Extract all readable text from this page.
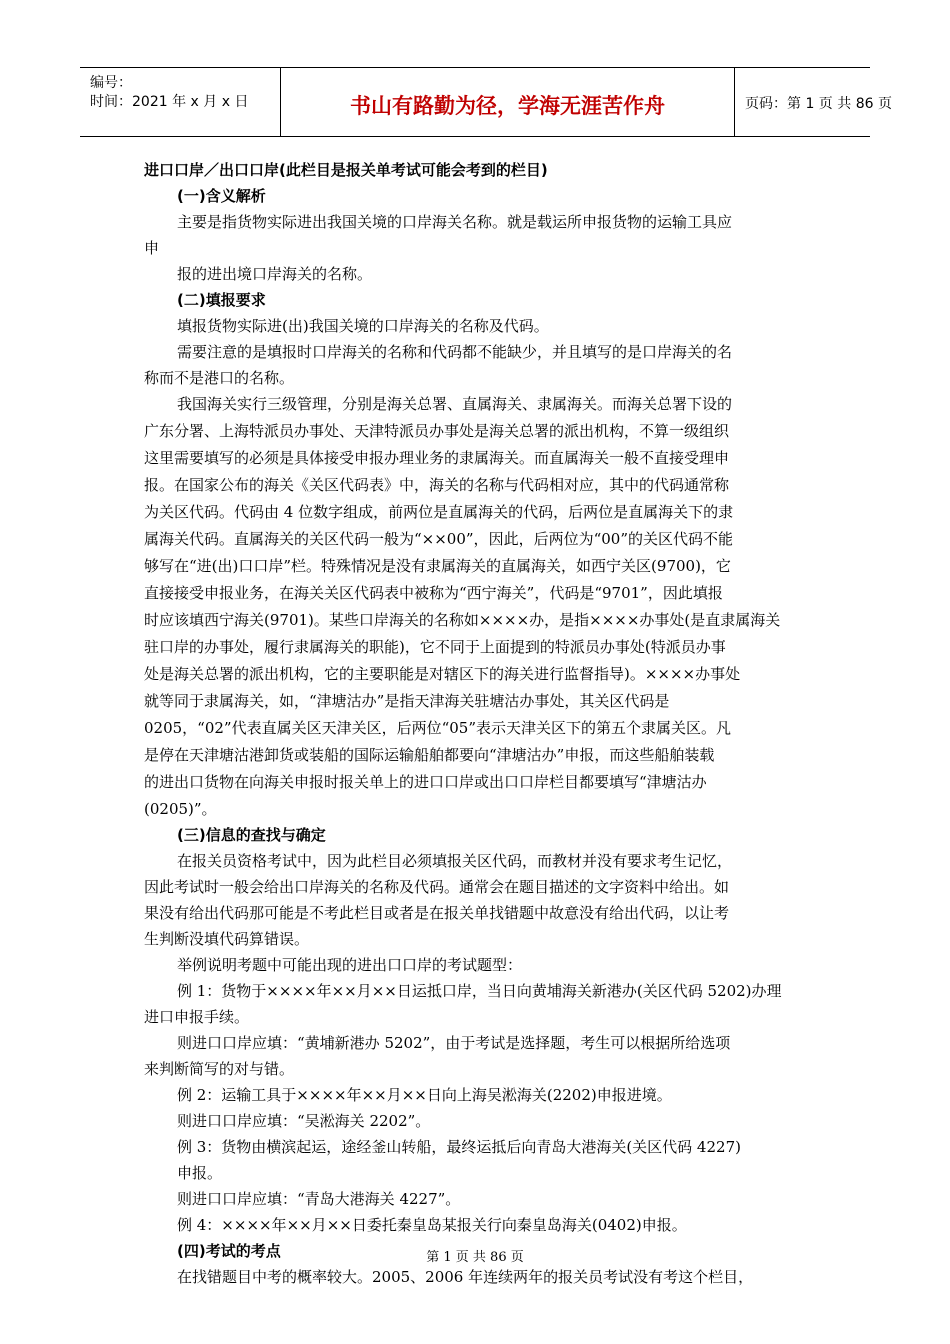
编号：
时间：2021 年 x 月 x 日	书山有路勤为径，学海无涯苦作舟	页码：第 1 页 共 86 页
进口口岸／出口口岸(此栏目是报关单考试可能会考到的栏目)
(一)含义解析
主要是指货物实际进出我国关境的口岸海关名称。就是载运所申报货物的运输工具应
申
报的进出境口岸海关的名称。
(二)填报要求
填报货物实际进(出)我国关境的口岸海关的名称及代码。
需要注意的是填报时口岸海关的名称和代码都不能缺少，并且填写的是口岸海关的名
称而不是港口的名称。
我国海关实行三级管理，分别是海关总署、直属海关、隶属海关。而海关总署下设的
广东分署、上海特派员办事处、天津特派员办事处是海关总署的派出机构，不算一级组织
这里需要填写的必须是具体接受申报办理业务的隶属海关。而直属海关一般不直接受理申
报。在国家公布的海关《关区代码表》中，海关的名称与代码相对应，其中的代码通常称
为关区代码。代码由 4 位数字组成，前两位是直属海关的代码，后两位是直属海关下的隶
属海关代码。直属海关的关区代码一般为“××00”，因此，后两位为“00”的关区代码不能
够写在“进(出)口口岸”栏。特殊情况是没有隶属海关的直属海关，如西宁关区(9700)，它
直接接受申报业务，在海关关区代码表中被称为“西宁海关”，代码是“9701”，因此填报
时应该填西宁海关(9701)。某些口岸海关的名称如××××办，是指××××办事处(是直隶属海关
驻口岸的办事处，履行隶属海关的职能)，它不同于上面提到的特派员办事处(特派员办事
处是海关总署的派出机构，它的主要职能是对辖区下的海关进行监督指导)。××××办事处
就等同于隶属海关，如，“津塘沽办”是指天津海关驻塘沽办事处，其关区代码是
0205，“02”代表直属关区天津关区，后两位“05”表示天津关区下的第五个隶属关区。凡
是停在天津塘沽港卸货或装船的国际运输船舶都要向“津塘沽办”申报，而这些船舶装载
的进出口货物在向海关申报时报关单上的进口口岸或出口口岸栏目都要填写“津塘沽办
(0205)”。
(三)信息的查找与确定
在报关员资格考试中，因为此栏目必须填报关区代码，而教材并没有要求考生记忆，
因此考试时一般会给出口岸海关的名称及代码。通常会在题目描述的文字资料中给出。如
果没有给出代码那可能是不考此栏目或者是在报关单找错题中故意没有给出代码，以让考
生判断没填代码算错误。
举例说明考题中可能出现的进出口口岸的考试题型：
例 1：货物于××××年××月××日运抵口岸，当日向黄埔海关新港办(关区代码 5202)办理
进口申报手续。
则进口口岸应填：“黄埔新港办 5202”，由于考试是选择题，考生可以根据所给选项
来判断简写的对与错。
例 2：运输工具于××××年××月××日向上海吴淞海关(2202)申报进境。
则进口口岸应填：“吴淞海关 2202”。
例 3：货物由横滨起运，途经釜山转船，最终运抵后向青岛大港海关(关区代码 4227)
申报。
则进口口岸应填：“青岛大港海关 4227”。
例 4：××××年××月××日委托秦皇岛某报关行向秦皇岛海关(0402)申报。
(四)考试的考点
在找错题目中考的概率较大。2005、2006 年连续两年的报关员考试没有考这个栏目，
第 1 页 共 86 页
